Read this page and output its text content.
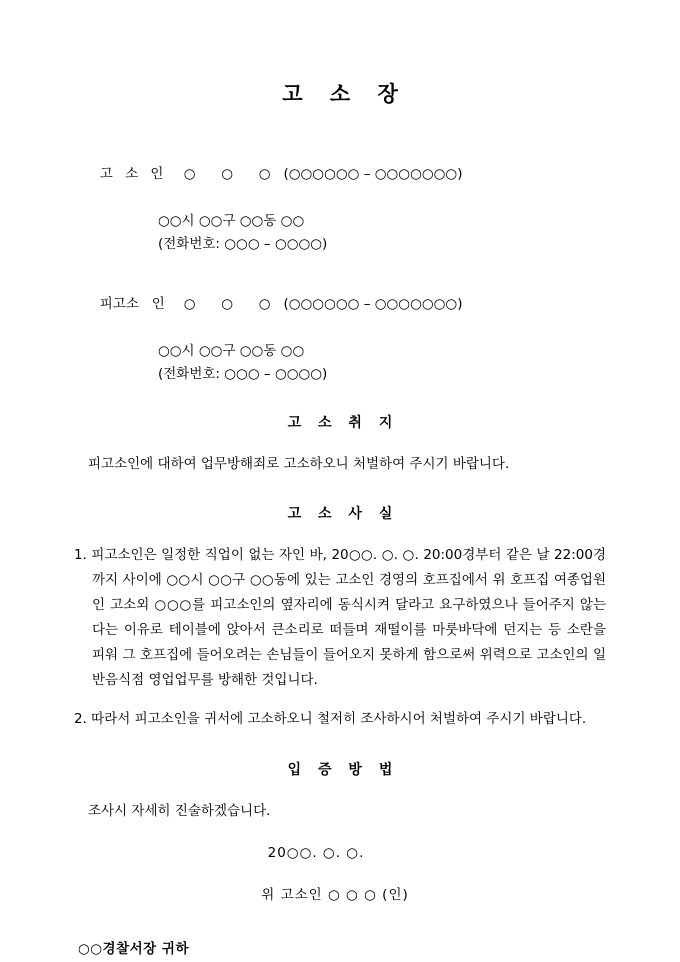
고 소 장

고 소 인 ○      ○      ○   (○○○○○○ – ○○○○○○○)

○○시 ○○구 ○○동 ○○
(전화번호: ○○○ – ○○○○)

피고소   인 ○      ○      ○   (○○○○○○ – ○○○○○○○)

○○시 ○○구 ○○동 ○○
(전화번호: ○○○ – ○○○○)
고 소 취 지

피고소인에 대하여 업무방해죄로 고소하오니 처벌하여 주시기 바랍니다.

고 소 사 실

1. 피고소인은 일정한 직업이 없는 자인 바, 20○○. ○. ○. 20:00경부터 같은 날 22:00경까지 사이에 ○○시 ○○구 ○○동에 있는 고소인 경영의 호프집에서 위 호프집 여종업원인 고소외 ○○○를 피고소인의 옆자리에 동식시켜 달라고 요구하였으나 들어주지 않는다는 이유로 테이블에 앉아서 큰소리로 떠들며 재떨이를 마룻바닥에 던지는 등 소란을 피워 그 호프집에 들어오려는 손님들이 들어오지 못하게 함으로써 위력으로 고소인의 일반음식점 영업업무를 방해한 것입니다.

2. 따라서 피고소인을 귀서에 고소하오니 철저히 조사하시어 처벌하여 주시기 바랍니다.

입 증 방 법

조사시 자세히 진술하겠습니다.

20○○. ○. ○.

위 고소인 ○ ○ ○ (인)

○○경찰서장 귀하
